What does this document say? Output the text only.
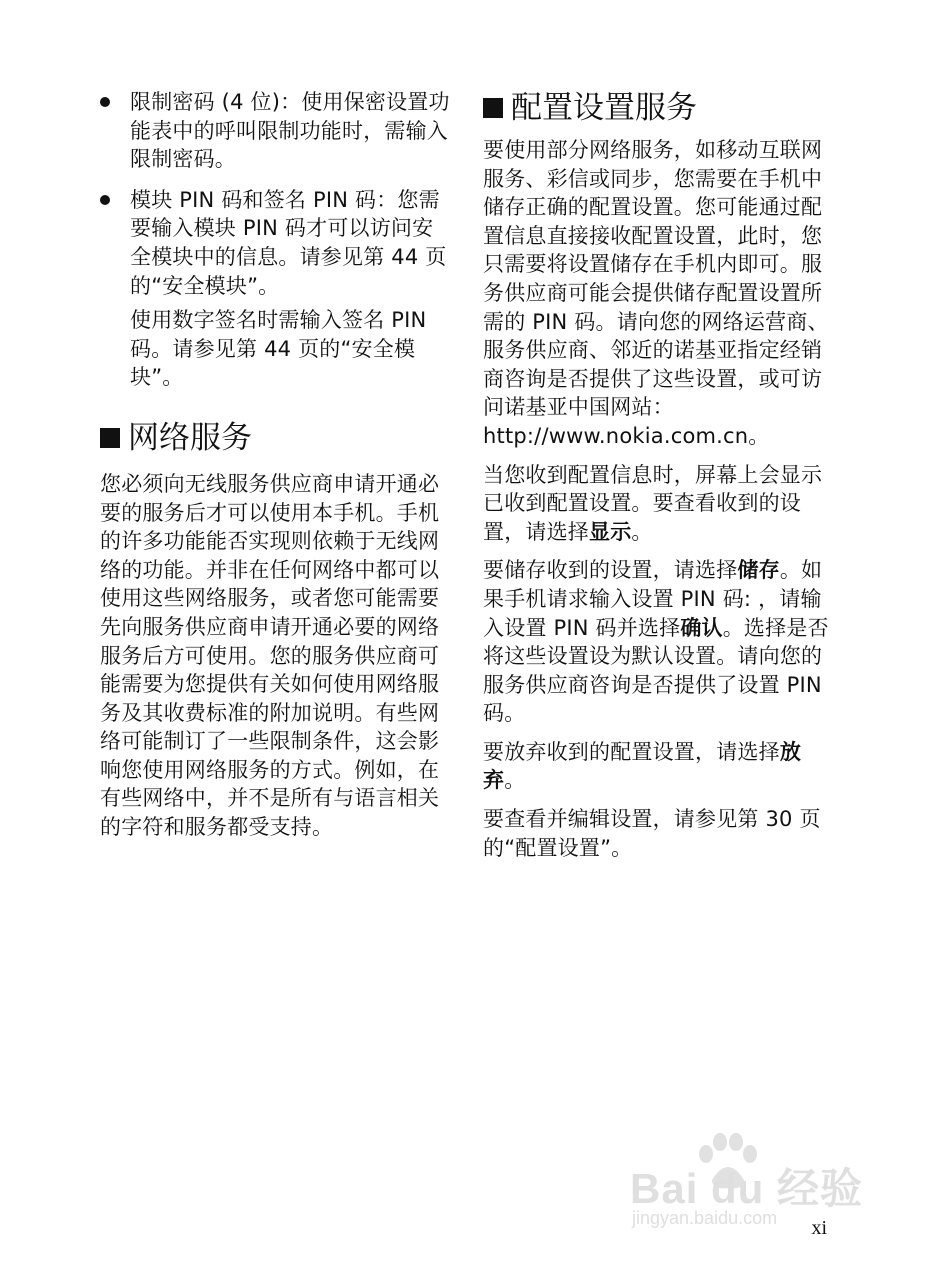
限制密码 (4 位)：使用保密设置功能表中的呼叫限制功能时，需输入限制密码。

模块 PIN 码和签名 PIN 码：您需要输入模块 PIN 码才可以访问安全模块中的信息。请参见第 44 页的“安全模块”。

使用数字签名时需输入签名 PIN 码。请参见第 44 页的“安全模块”。

网络服务

您必须向无线服务供应商申请开通必要的服务后才可以使用本手机。手机的许多功能能否实现则依赖于无线网络的功能。并非在任何网络中都可以使用这些网络服务，或者您可能需要先向服务供应商申请开通必要的网络服务后方可使用。您的服务供应商可能需要为您提供有关如何使用网络服务及其收费标准的附加说明。有些网络可能制订了一些限制条件，这会影响您使用网络服务的方式。例如，在有些网络中，并不是所有与语言相关的字符和服务都受支持。

配置设置服务

要使用部分网络服务，如移动互联网服务、彩信或同步，您需要在手机中储存正确的配置设置。您可能通过配置信息直接接收配置设置，此时，您只需要将设置储存在手机内即可。服务供应商可能会提供储存配置设置所需的 PIN 码。请向您的网络运营商、服务供应商、邻近的诺基亚指定经销商咨询是否提供了这些设置，或可访问诺基亚中国网站：http://www.nokia.com.cn。

当您收到配置信息时，屏幕上会显示已收到配置设置。要查看收到的设置，请选择显示。

要储存收到的设置，请选择储存。如果手机请求输入设置 PIN 码: ，请输入设置 PIN 码并选择确认。选择是否将这些设置设为默认设置。请向您的服务供应商咨询是否提供了设置 PIN 码。

要放弃收到的配置设置，请选择放弃。

要查看并编辑设置，请参见第 30 页的“配置设置”。

Bai du 经验
jingyan.baidu.com xi
